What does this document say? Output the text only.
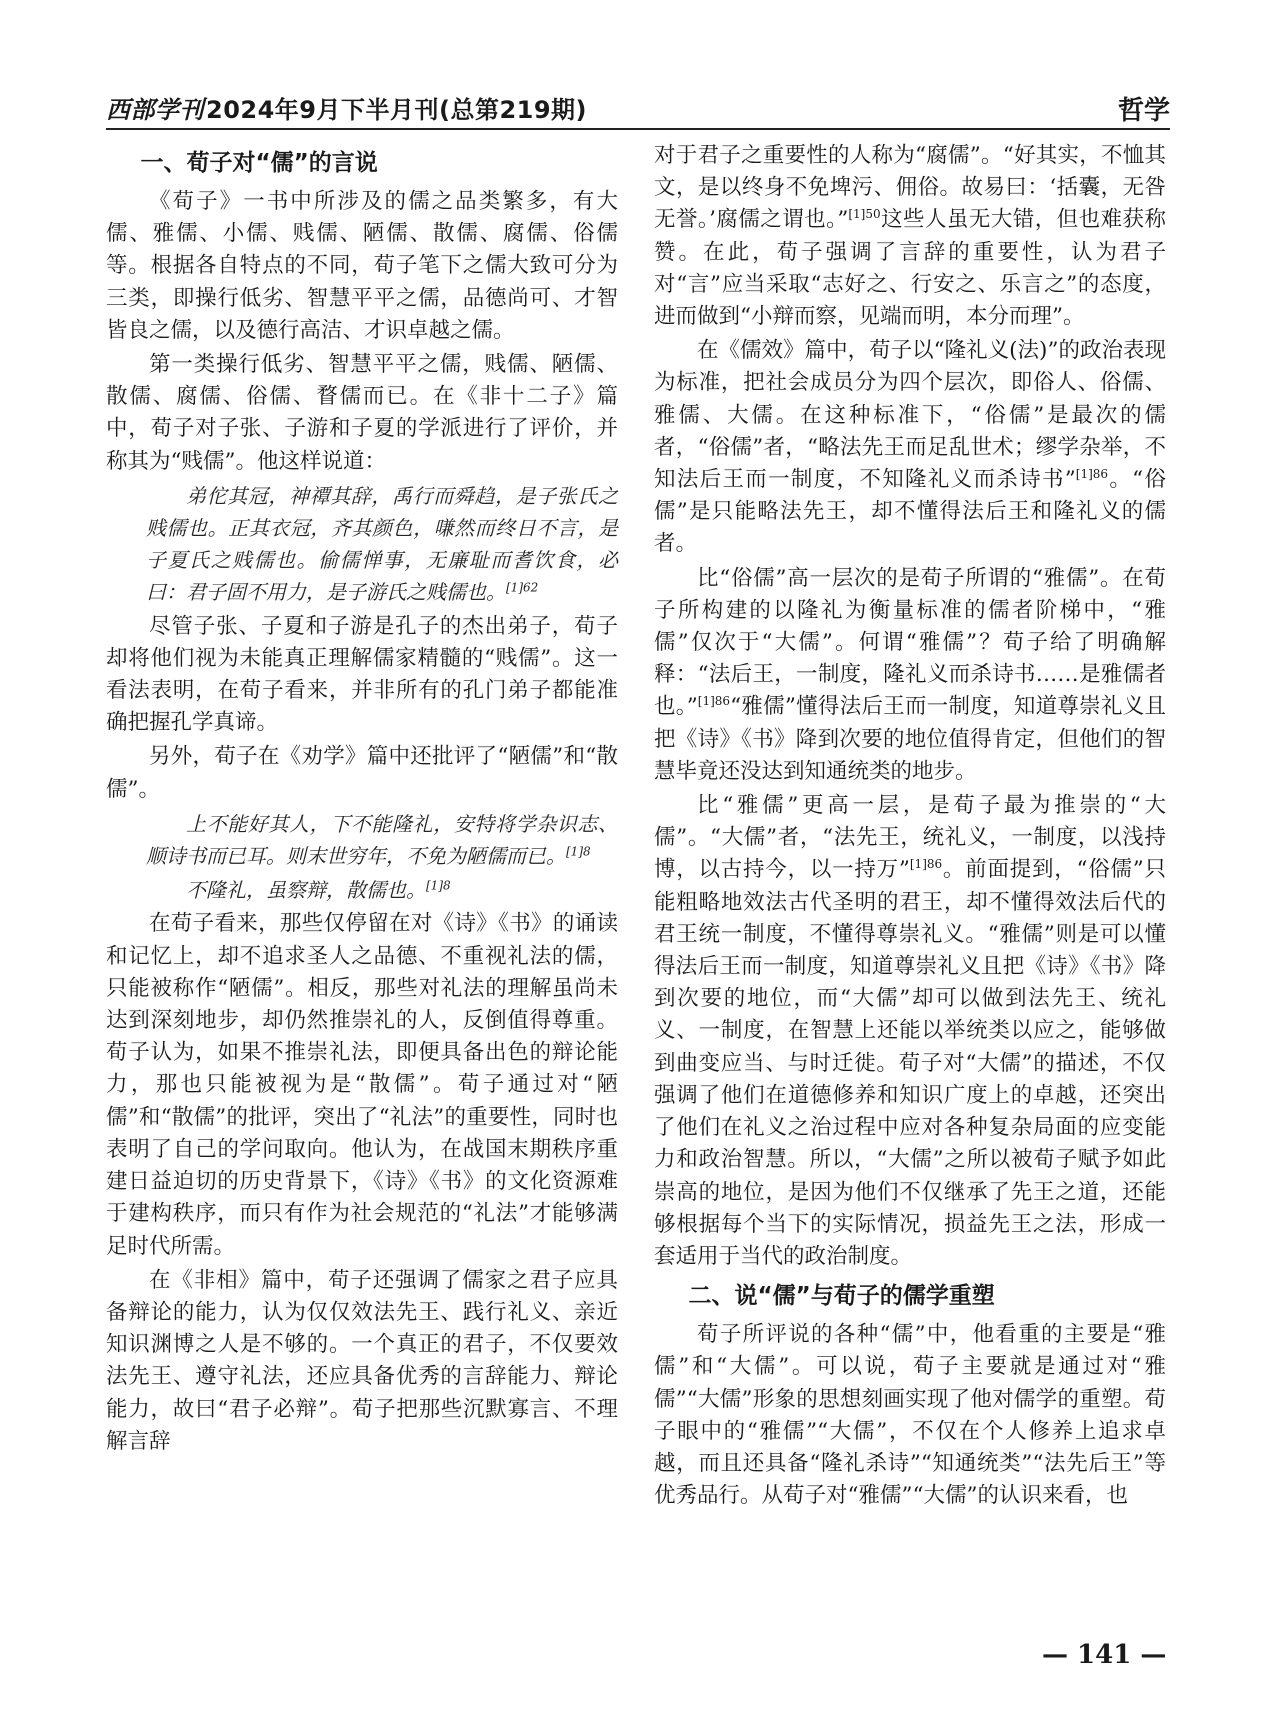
西部学刊2024年9月下半月刊(总第219期)	哲学
一、荀子对“儒”的言说

《荀子》一书中所涉及的儒之品类繁多，有大儒、雅儒、小儒、贱儒、陋儒、散儒、腐儒、俗儒等。根据各自特点的不同，荀子笔下之儒大致可分为三类，即操行低劣、智慧平平之儒，品德尚可、才智皆良之儒，以及德行高洁、才识卓越之儒。

第一类操行低劣、智慧平平之儒，贱儒、陋儒、散儒、腐儒、俗儒、瞀儒而已。在《非十二子》篇中，荀子对子张、子游和子夏的学派进行了评价，并称其为“贱儒”。他这样说道：

弟佗其冠，神禫其辞，禹行而舜趋，是子张氏之贱儒也。正其衣冠，齐其颜色，嗛然而终日不言，是子夏氏之贱儒也。偷儒惮事，无廉耻而耆饮食，必曰：君子固不用力，是子游氏之贱儒也。$^{[1]62}$

尽管子张、子夏和子游是孔子的杰出弟子，荀子却将他们视为未能真正理解儒家精髓的“贱儒”。这一看法表明，在荀子看来，并非所有的孔门弟子都能准确把握孔学真谛。

另外，荀子在《劝学》篇中还批评了“陋儒”和“散儒”。

上不能好其人，下不能隆礼，安特将学杂识志、顺诗书而已耳。则末世穷年，不免为陋儒而已。$^{[1]8}$
不隆礼，虽察辩，散儒也。$^{[1]8}$

在荀子看来，那些仅停留在对《诗》《书》的诵读和记忆上，却不追求圣人之品德、不重视礼法的儒，只能被称作“陋儒”。相反，那些对礼法的理解虽尚未达到深刻地步，却仍然推崇礼的人，反倒值得尊重。荀子认为，如果不推崇礼法，即便具备出色的辩论能力，那也只能被视为是“散儒”。荀子通过对“陋儒”和“散儒”的批评，突出了“礼法”的重要性，同时也表明了自己的学问取向。他认为，在战国末期秩序重建日益迫切的历史背景下，《诗》《书》的文化资源难于建构秩序，而只有作为社会规范的“礼法”才能够满足时代所需。

在《非相》篇中，荀子还强调了儒家之君子应具备辩论的能力，认为仅仅效法先王、践行礼义、亲近知识渊博之人是不够的。一个真正的君子，不仅要效法先王、遵守礼法，还应具备优秀的言辞能力、辩论能力，故曰“君子必辩”。荀子把那些沉默寡言、不理解言辞

对于君子之重要性的人称为“腐儒”。“好其实，不恤其文，是以终身不免埤污、佣俗。故易曰：‘括囊，无咎无誉。’腐儒之谓也。”$^{[1]50}$这些人虽无大错，但也难获称赞。在此，荀子强调了言辞的重要性，认为君子对“言”应当采取“志好之、行安之、乐言之”的态度，进而做到“小辩而察，见端而明，本分而理”。

在《儒效》篇中，荀子以“隆礼义(法)”的政治表现为标准，把社会成员分为四个层次，即俗人、俗儒、雅儒、大儒。在这种标准下，“俗儒”是最次的儒者，“俗儒”者，“略法先王而足乱世术；缪学杂举，不知法后王而一制度，不知隆礼义而杀诗书”$^{[1]86}$。“俗儒”是只能略法先王，却不懂得法后王和隆礼义的儒者。

比“俗儒”高一层次的是荀子所谓的“雅儒”。在荀子所构建的以隆礼为衡量标准的儒者阶梯中，“雅儒”仅次于“大儒”。何谓“雅儒”？荀子给了明确解释：“法后王，一制度，隆礼义而杀诗书……是雅儒者也。”$^{[1]86}$“雅儒”懂得法后王而一制度，知道尊崇礼义且把《诗》《书》降到次要的地位值得肯定，但他们的智慧毕竟还没达到知通统类的地步。

比“雅儒”更高一层，是荀子最为推崇的“大儒”。“大儒”者，“法先王，统礼义，一制度，以浅持博，以古持今，以一持万”$^{[1]86}$。前面提到，“俗儒”只能粗略地效法古代圣明的君王，却不懂得效法后代的君王统一制度，不懂得尊崇礼义。“雅儒”则是可以懂得法后王而一制度，知道尊崇礼义且把《诗》《书》降到次要的地位，而“大儒”却可以做到法先王、统礼义、一制度，在智慧上还能以举统类以应之，能够做到曲变应当、与时迁徙。荀子对“大儒”的描述，不仅强调了他们在道德修养和知识广度上的卓越，还突出了他们在礼义之治过程中应对各种复杂局面的应变能力和政治智慧。所以，“大儒”之所以被荀子赋予如此崇高的地位，是因为他们不仅继承了先王之道，还能够根据每个当下的实际情况，损益先王之法，形成一套适用于当代的政治制度。

二、说“儒”与荀子的儒学重塑

荀子所评说的各种“儒”中，他看重的主要是“雅儒”和“大儒”。可以说，荀子主要就是通过对“雅儒”“大儒”形象的思想刻画实现了他对儒学的重塑。荀子眼中的“雅儒”“大儒”，不仅在个人修养上追求卓越，而且还具备“隆礼杀诗”“知通统类”“法先后王”等优秀品行。从荀子对“雅儒”“大儒”的认识来看，也

— 141 —
